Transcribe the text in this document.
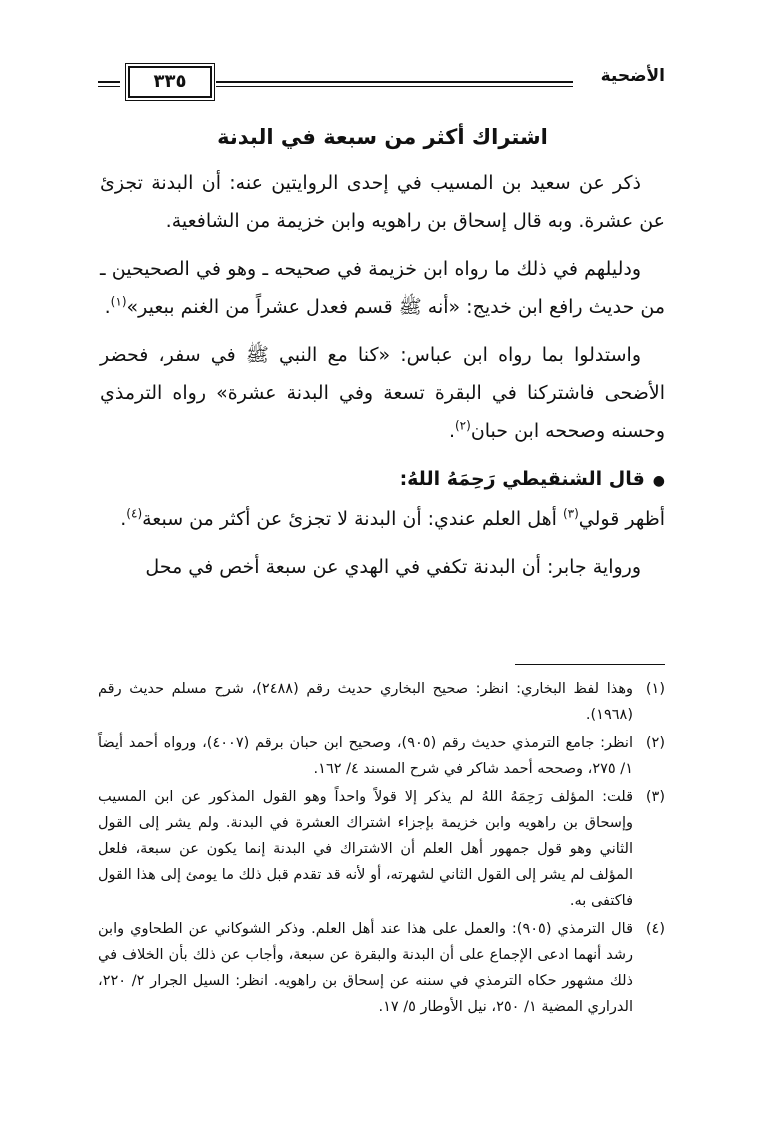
الأضحية
٣٣٥
اشتراك أكثر من سبعة في البدنة

ذكر عن سعيد بن المسيب في إحدى الروايتين عنه: أن البدنة تجزئ عن عشرة. وبه قال إسحاق بن راهويه وابن خزيمة من الشافعية.

ودليلهم في ذلك ما رواه ابن خزيمة في صحيحه ـ وهو في الصحيحين ـ من حديث رافع ابن خديج: «أنه ﷺ قسم فعدل عشراً من الغنم ببعير»$^{(١)}$.

واستدلوا بما رواه ابن عباس: «كنا مع النبي ﷺ في سفر، فحضر الأضحى فاشتركنا في البقرة تسعة وفي البدنة عشرة» رواه الترمذي وحسنه وصححه ابن حبان$^{(٢)}$.

● قال الشنقيطي رَحِمَهُ اللهُ:

أظهر قولي$^{(٣)}$ أهل العلم عندي: أن البدنة لا تجزئ عن أكثر من سبعة$^{(٤)}$.

ورواية جابر: أن البدنة تكفي في الهدي عن سبعة أخص في محل

(١)
وهذا لفظ البخاري: انظر: صحيح البخاري حديث رقم (٢٤٨٨)، شرح مسلم حديث رقم (١٩٦٨).
(٢)
انظر: جامع الترمذي حديث رقم (٩٠٥)، وصحيح ابن حبان برقم (٤٠٠٧)، ورواه أحمد أيضاً ١/ ٢٧٥، وصححه أحمد شاكر في شرح المسند ٤/ ١٦٢.
(٣)
قلت: المؤلف رَحِمَهُ اللهُ لم يذكر إلا قولاً واحداً وهو القول المذكور عن ابن المسيب وإسحاق بن راهويه وابن خزيمة بإجزاء اشتراك العشرة في البدنة. ولم يشر إلى القول الثاني وهو قول جمهور أهل العلم أن الاشتراك في البدنة إنما يكون عن سبعة، فلعل المؤلف لم يشر إلى القول الثاني لشهرته، أو لأنه قد تقدم قبل ذلك ما يومئ إلى هذا القول فاكتفى به.
(٤)
قال الترمذي (٩٠٥): والعمل على هذا عند أهل العلم. وذكر الشوكاني عن الطحاوي وابن رشد أنهما ادعى الإجماع على أن البدنة والبقرة عن سبعة، وأجاب عن ذلك بأن الخلاف في ذلك مشهور حكاه الترمذي في سننه عن إسحاق بن راهويه. انظر: السيل الجرار ٢/ ٢٢٠، الدراري المضية ١/ ٢٥٠، نيل الأوطار ٥/ ١٧.
